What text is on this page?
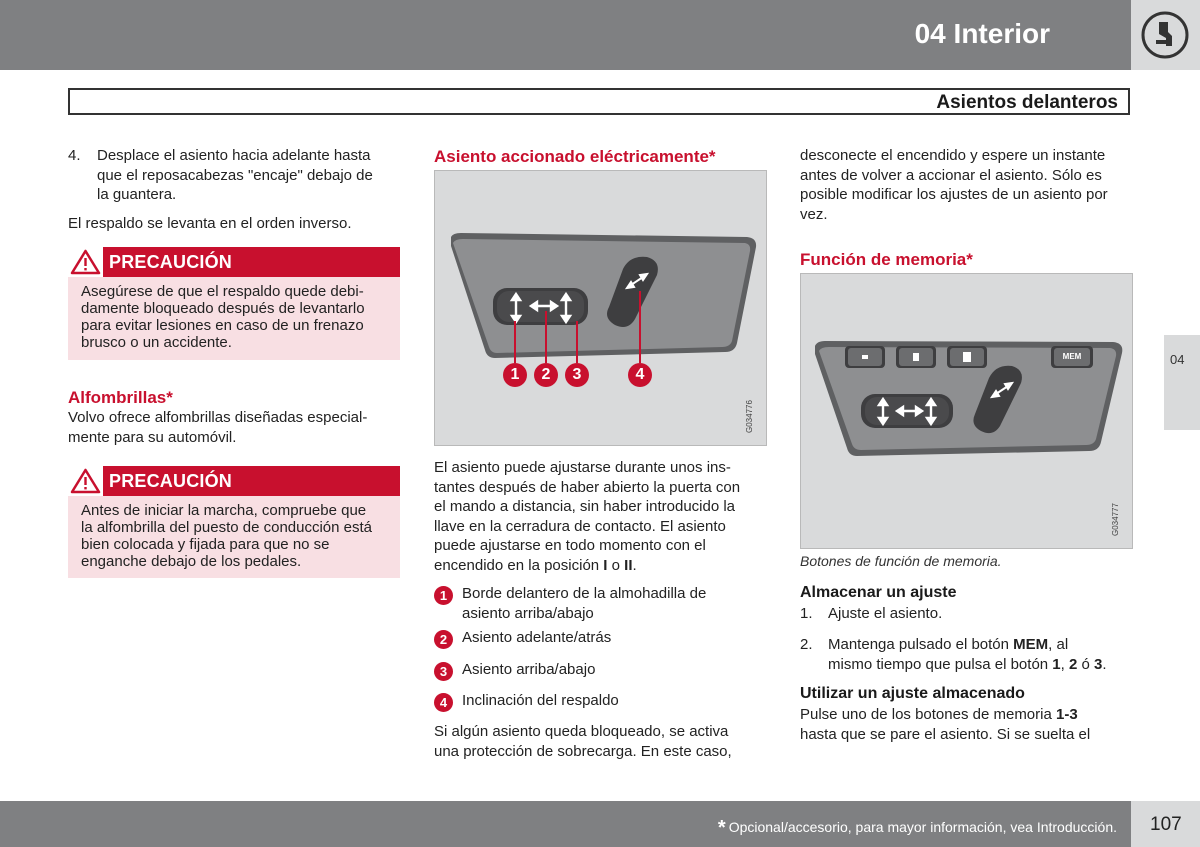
04 Interior
Asientos delanteros
4. Desplace el asiento hacia adelante hasta

que el reposacabezas "encaje" debajo de

la guantera.

El respaldo se levanta en el orden inverso.

PRECAUCIÓN
Asegúrese de que el respaldo quede debi-
damente bloqueado después de levantarlo
para evitar lesiones en caso de un frenazo
brusco o un accidente.

Alfombrillas*

Volvo ofrece alfombrillas diseñadas especial-

mente para su automóvil.

PRECAUCIÓN
Antes de iniciar la marcha, compruebe que
la alfombrilla del puesto de conducción está
bien colocada y fijada para que no se
enganche debajo de los pedales.
Asiento accionado eléctricamente*
1	2	3	4
G034776

El asiento puede ajustarse durante unos ins-

tantes después de haber abierto la puerta con

el mando a distancia, sin haber introducido la

llave en la cerradura de contacto. El asiento

puede ajustarse en todo momento con el

encendido en la posición I o II.

1 Borde delantero de la almohadilla de
asiento arriba/abajo
2 Asiento adelante/atrás
3 Asiento arriba/abajo
4 Inclinación del respaldo

Si algún asiento queda bloqueado, se activa

una protección de sobrecarga. En este caso,

desconecte el encendido y espere un instante

antes de volver a accionar el asiento. Sólo es

posible modificar los ajustes de un asiento por

vez.

Función de memoria*
MEM
G034777
Botones de función de memoria.
Almacenar un ajuste
1. Ajuste el asiento.
2. Mantenga pulsado el botón MEM, al

mismo tiempo que pulsa el botón 1, 2 ó 3.

Utilizar un ajuste almacenado

Pulse uno de los botones de memoria 1-3

hasta que se pare el asiento. Si se suelta el

04
* Opcional/accesorio, para mayor información, vea Introducción. 107
